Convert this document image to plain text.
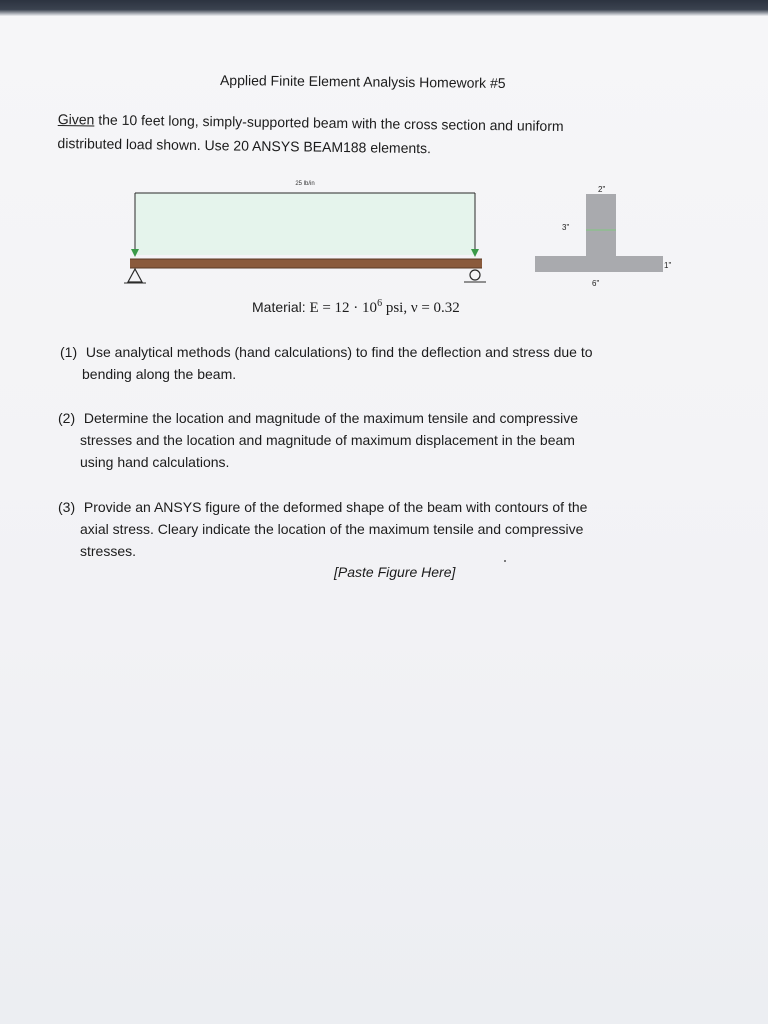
Applied Finite Element Analysis Homework #5
Given the 10 feet long, simply-supported beam with the cross section and uniform
distributed load shown. Use 20 ANSYS BEAM188 elements.
25 lb/in
2"
3"
1"
6"
Material: $E = 12 \cdot 10^6$ psi, ν = 0.32
(1) Use analytical methods (hand calculations) to find the deflection and stress due to
bending along the beam.
(2) Determine the location and magnitude of the maximum tensile and compressive
stresses and the location and magnitude of maximum displacement in the beam
using hand calculations.
(3) Provide an ANSYS figure of the deformed shape of the beam with contours of the
axial stress. Cleary indicate the location of the maximum tensile and compressive
stresses.
[Paste Figure Here]
